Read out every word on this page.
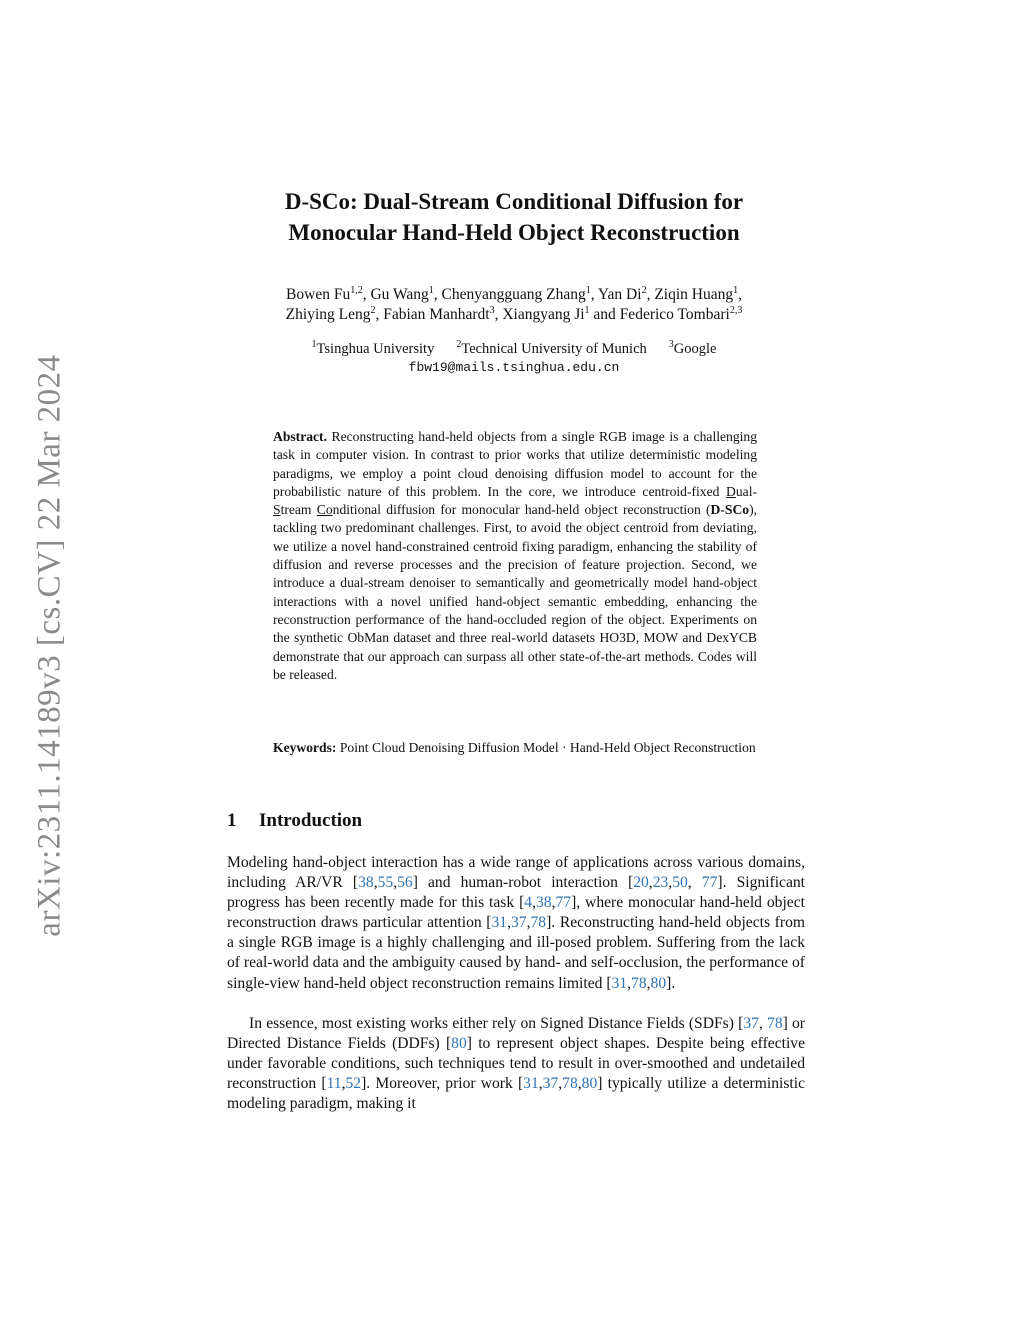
arXiv:2311.14189v3 [cs.CV] 22 Mar 2024
D-SCo: Dual-Stream Conditional Diffusion for
Monocular Hand-Held Object Reconstruction
Bowen Fu$^{1,2}$, Gu Wang$^1$, Chenyangguang Zhang$^1$, Yan Di$^2$, Ziqin Huang$^1$,
Zhiying Leng$^2$, Fabian Manhardt$^3$, Xiangyang Ji$^1$ and Federico Tombari$^{2,3}$
$^1$Tsinghua University $^2$Technical University of Munich $^3$Google
fbw19@mails.tsinghua.edu.cn
Abstract. Reconstructing hand-held objects from a single RGB image is a challenging task in computer vision. In contrast to prior works that utilize deterministic modeling paradigms, we employ a point cloud denoising diffusion model to account for the probabilistic nature of this problem. In the core, we introduce centroid-fixed Dual-Stream Conditional diffusion for monocular hand-held object reconstruction (D-SCo), tackling two predominant challenges. First, to avoid the object centroid from deviating, we utilize a novel hand-constrained centroid fixing paradigm, enhancing the stability of diffusion and reverse processes and the precision of feature projection. Second, we introduce a dual-stream denoiser to semantically and geometrically model hand-object interactions with a novel unified hand-object semantic embedding, enhancing the reconstruction performance of the hand-occluded region of the object. Experiments on the synthetic ObMan dataset and three real-world datasets HO3D, MOW and DexYCB demonstrate that our approach can surpass all other state-of-the-art methods. Codes will be released.
Keywords: Point Cloud Denoising Diffusion Model · Hand-Held Object Reconstruction
1 Introduction
Modeling hand-object interaction has a wide range of applications across various domains, including AR/VR [38,55,56] and human-robot interaction [20,23,50, 77]. Significant progress has been recently made for this task [4,38,77], where monocular hand-held object reconstruction draws particular attention [31,37,78]. Reconstructing hand-held objects from a single RGB image is a highly challenging and ill-posed problem. Suffering from the lack of real-world data and the ambiguity caused by hand- and self-occlusion, the performance of single-view hand-held object reconstruction remains limited [31,78,80].
In essence, most existing works either rely on Signed Distance Fields (SDFs) [37, 78] or Directed Distance Fields (DDFs) [80] to represent object shapes. Despite being effective under favorable conditions, such techniques tend to result in over-smoothed and undetailed reconstruction [11,52]. Moreover, prior work [31,37,78,80] typically utilize a deterministic modeling paradigm, making it
